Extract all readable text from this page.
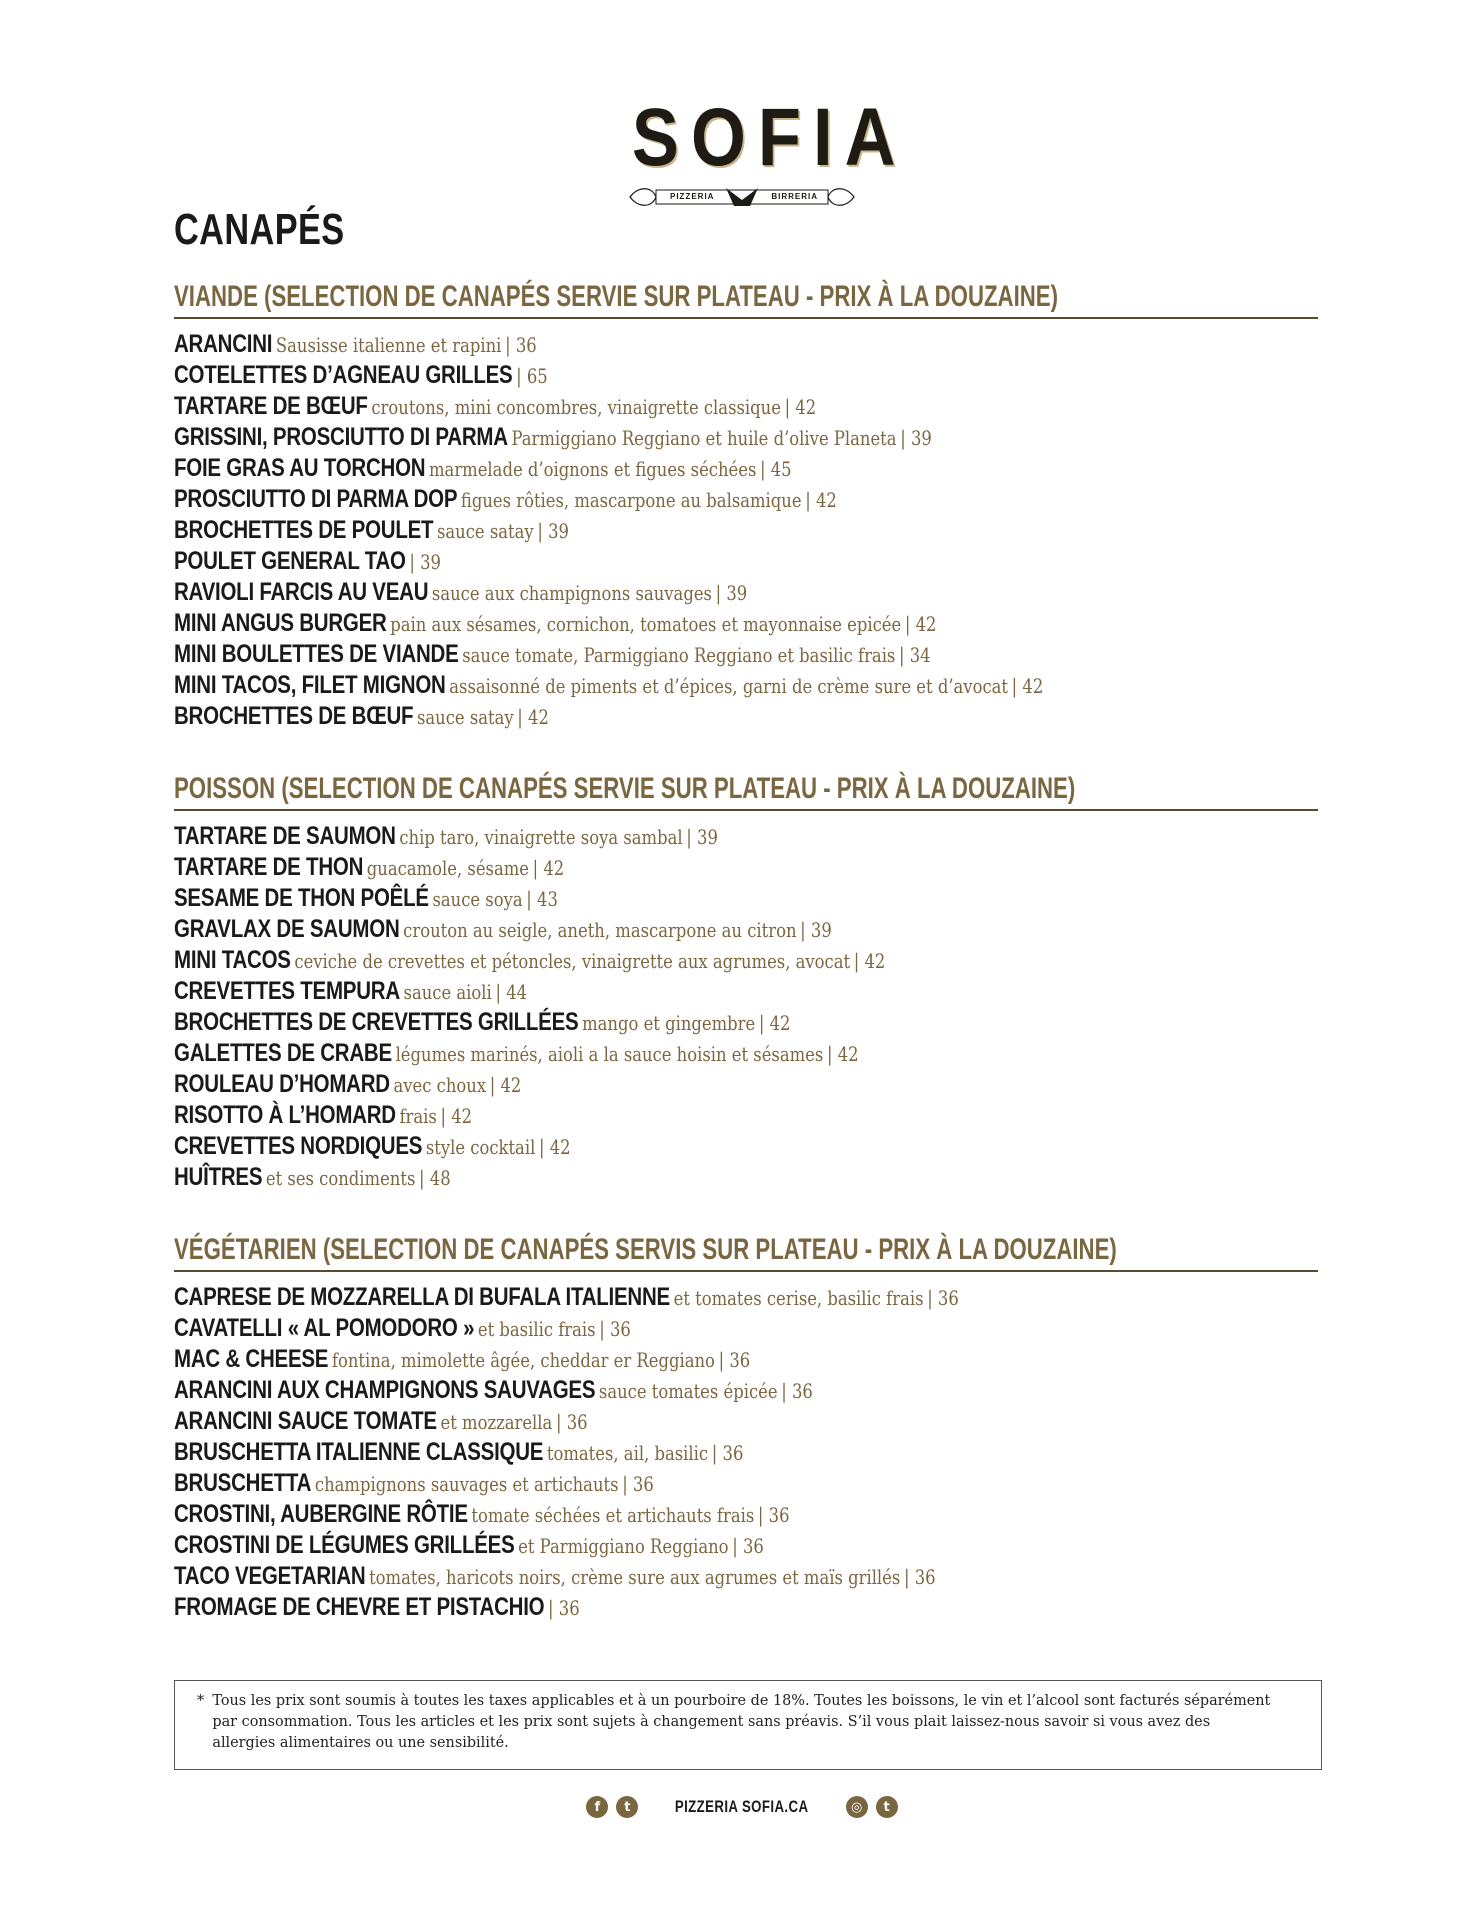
SOFIA
PIZZERIA	BIRRERIA
CANAPÉS
VIANDE (SELECTION DE CANAPÉS SERVIE SUR PLATEAU - PRIX À LA DOUZAINE)
ARANCINI Sausisse italienne et rapini | 36
COTELETTES D’AGNEAU GRILLES | 65
TARTARE DE BŒUF croutons, mini concombres, vinaigrette classique | 42
GRISSINI, PROSCIUTTO DI PARMA Parmiggiano Reggiano et huile d’olive Planeta | 39
FOIE GRAS AU TORCHON marmelade d’oignons et figues séchées | 45
PROSCIUTTO DI PARMA DOP figues rôties, mascarpone au balsamique | 42
BROCHETTES DE POULET sauce satay | 39
POULET GENERAL TAO | 39
RAVIOLI FARCIS AU VEAU sauce aux champignons sauvages | 39
MINI ANGUS BURGER pain aux sésames, cornichon, tomatoes et mayonnaise epicée | 42
MINI BOULETTES DE VIANDE sauce tomate, Parmiggiano Reggiano et basilic frais | 34
MINI TACOS, FILET MIGNON assaisonné de piments et d’épices, garni de crème sure et d’avocat | 42
BROCHETTES DE BŒUF sauce satay | 42
POISSON (SELECTION DE CANAPÉS SERVIE SUR PLATEAU - PRIX À LA DOUZAINE)
TARTARE DE SAUMON chip taro, vinaigrette soya sambal | 39
TARTARE DE THON guacamole, sésame | 42
SESAME DE THON POÊLÉ sauce soya | 43
GRAVLAX DE SAUMON crouton au seigle, aneth, mascarpone au citron | 39
MINI TACOS ceviche de crevettes et pétoncles, vinaigrette aux agrumes, avocat | 42
CREVETTES TEMPURA sauce aioli | 44
BROCHETTES DE CREVETTES GRILLÉES mango et gingembre | 42
GALETTES DE CRABE légumes marinés, aioli a la sauce hoisin et sésames | 42
ROULEAU D’HOMARD avec choux | 42
RISOTTO À L’HOMARD frais | 42
CREVETTES NORDIQUES style cocktail | 42
HUÎTRES et ses condiments | 48
VÉGÉTARIEN (SELECTION DE CANAPÉS SERVIS SUR PLATEAU - PRIX À LA DOUZAINE)
CAPRESE DE MOZZARELLA DI BUFALA ITALIENNE et tomates cerise, basilic frais | 36
CAVATELLI « AL POMODORO » et basilic frais | 36
MAC & CHEESE fontina, mimolette âgée, cheddar er Reggiano | 36
ARANCINI AUX CHAMPIGNONS SAUVAGES sauce tomates épicée | 36
ARANCINI SAUCE TOMATE et mozzarella | 36
BRUSCHETTA ITALIENNE CLASSIQUE tomates, ail, basilic | 36
BRUSCHETTA champignons sauvages et artichauts | 36
CROSTINI, AUBERGINE RÔTIE tomate séchées et artichauts frais | 36
CROSTINI DE LÉGUMES GRILLÉES et Parmiggiano Reggiano | 36
TACO VEGETARIAN tomates, haricots noirs, crème sure aux agrumes et maïs grillés | 36
FROMAGE DE CHEVRE ET PISTACHIO | 36
* Tous les prix sont soumis à toutes les taxes applicables et à un pourboire de 18%. Toutes les boissons, le vin et l’alcool sont facturés séparément par consommation. Tous les articles et les prix sont sujets à changement sans préavis. S’il vous plait laissez-nous savoir si vous avez des allergies alimentaires ou une sensibilité.
f	t	PIZZERIA SOFIA.CA	◎	t
